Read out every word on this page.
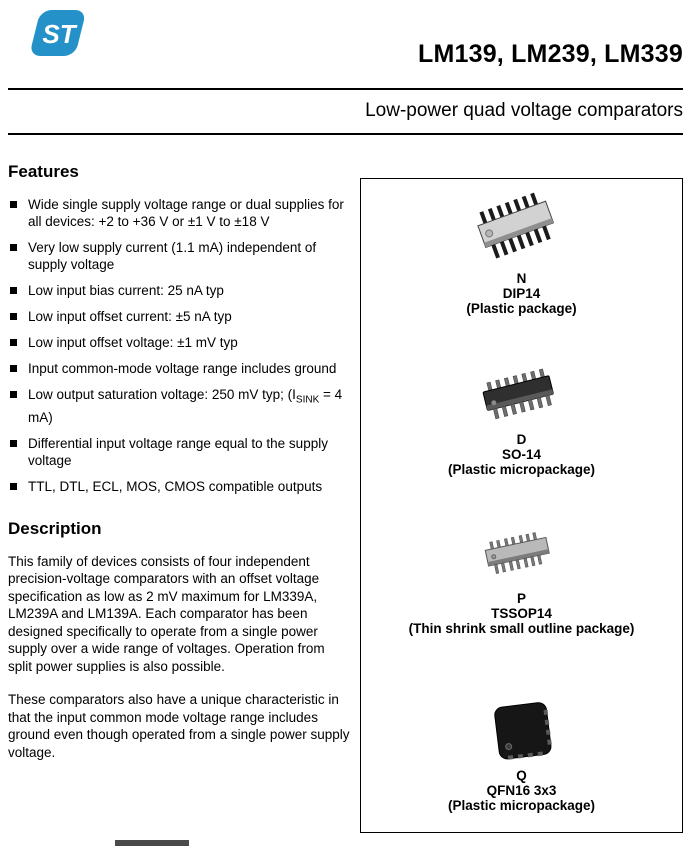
ST
LM139, LM239, LM339
Low-power quad voltage comparators
Features
Wide single supply voltage range or dual supplies for all devices: +2 to +36 V or ±1 V to ±18 V
Very low supply current (1.1 mA) independent of supply voltage
Low input bias current: 25 nA typ
Low input offset current: ±5 nA typ
Low input offset voltage: ±1 mV typ
Input common-mode voltage range includes ground
Low output saturation voltage: 250 mV typ; ($I_{SINK} = 4$ mA)
Differential input voltage range equal to the supply voltage
TTL, DTL, ECL, MOS, CMOS compatible outputs
Description

This family of devices consists of four independent precision-voltage comparators with an offset voltage specification as low as 2 mV maximum for LM339A, LM239A and LM139A. Each comparator has been designed specifically to operate from a single power supply over a wide range of voltages. Operation from split power supplies is also possible.

These comparators also have a unique characteristic in that the input common mode voltage range includes ground even though operated from a single power supply voltage.

N
DIP14
(Plastic package)
D
SO-14
(Plastic micropackage)
P
TSSOP14
(Thin shrink small outline package)
Q
QFN16 3x3
(Plastic micropackage)
